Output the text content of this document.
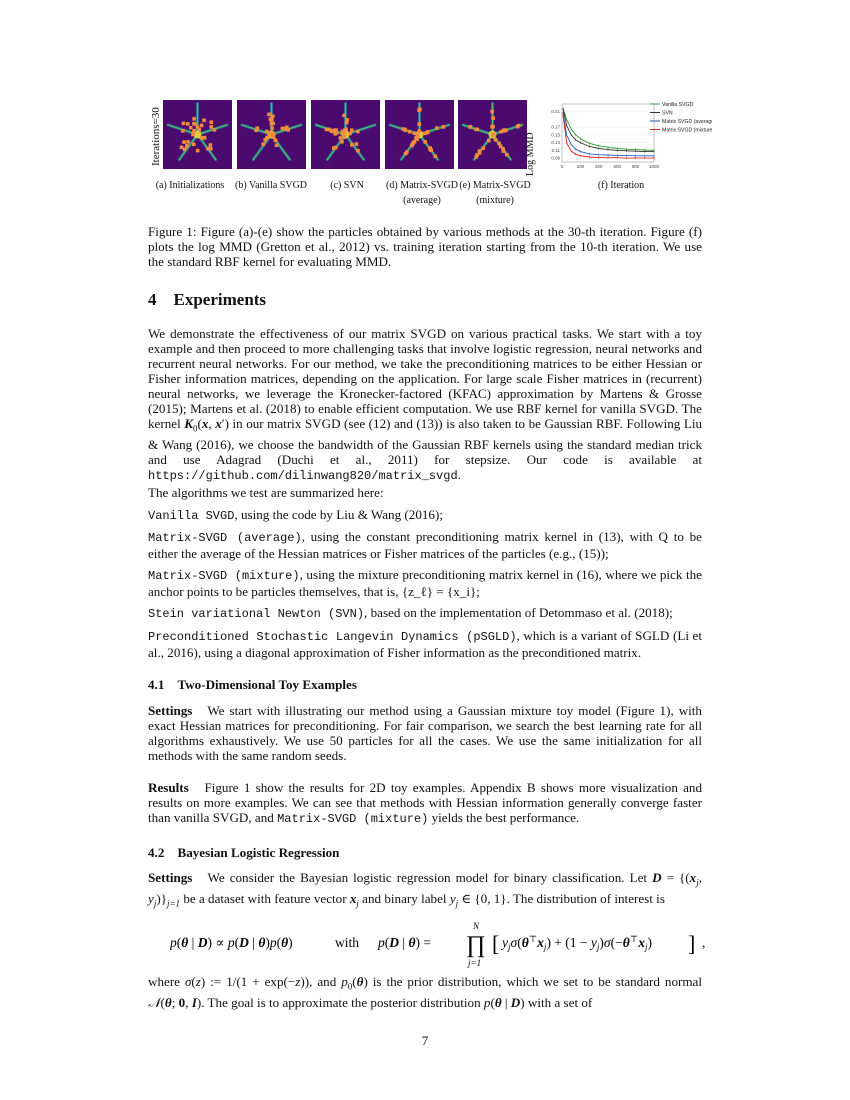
Iterations=30
(a) Initializations	(b) Vanilla SVGD	(c) SVN	(d) Matrix-SVGD
(average)
(e) Matrix-SVGD
(mixture)
Log MMD	0.09
0.11
0.13
0.15
0.17
0.21
0	200 400 600 800 1000
Vanilla SVGD
SVN
Matrix SVGD (average)
Matrix SVGD (mixture)
(f) Iteration
Figure 1: Figure (a)-(e) show the particles obtained by various methods at the 30-th iteration. Figure (f) plots the log MMD (Gretton et al., 2012) vs. training iteration starting from the 10-th iteration. We use the standard RBF kernel for evaluating MMD.
4 Experiments
We demonstrate the effectiveness of our matrix SVGD on various practical tasks. We start with a toy example and then proceed to more challenging tasks that involve logistic regression, neural networks and recurrent neural networks. For our method, we take the preconditioning matrices to be either Hessian or Fisher information matrices, depending on the application. For large scale Fisher matrices in (recurrent) neural networks, we leverage the Kronecker-factored (KFAC) approximation by Martens & Grosse (2015); Martens et al. (2018) to enable efficient computation. We use RBF kernel for vanilla SVGD. The kernel $K_0(x$, x′) in our matrix SVGD (see (12) and (13)) is also taken to be Gaussian RBF. Following Liu & Wang (2016), we choose the bandwidth of the Gaussian RBF kernels using the standard median trick and use Adagrad (Duchi et al., 2011) for stepsize. Our code is available at https://github.com/dilinwang820/matrix_svgd.
The algorithms we test are summarized here:
Vanilla SVGD, using the code by Liu & Wang (2016);
Matrix-SVGD (average), using the constant preconditioning matrix kernel in (13), with Q to be either the average of the Hessian matrices or Fisher matrices of the particles (e.g., (15));
Matrix-SVGD (mixture), using the mixture preconditioning matrix kernel in (16), where we pick the anchor points to be particles themselves, that is, {z_ℓ} = {x_i};
Stein variational Newton (SVN), based on the implementation of Detommaso et al. (2018);
Preconditioned Stochastic Langevin Dynamics (pSGLD), which is a variant of SGLD (Li et al., 2016), using a diagonal approximation of Fisher information as the preconditioned matrix.
4.1 Two-Dimensional Toy Examples
Settings We start with illustrating our method using a Gaussian mixture toy model (Figure 1), with exact Hessian matrices for preconditioning. For fair comparison, we search the best learning rate for all algorithms exhaustively. We use 50 particles for all the cases. We use the same initialization for all methods with the same random seeds.
Results Figure 1 show the results for 2D toy examples. Appendix B shows more visualization and results on more examples. We can see that methods with Hessian information generally converge faster than vanilla SVGD, and Matrix-SVGD (mixture) yields the best performance.
4.2 Bayesian Logistic Regression
Settings We consider the Bayesian logistic regression model for binary classification. Let $D = \{(x_j$, $y_j)\}_{j=1}$ be a dataset with feature vector $x_j$ and binary label $y_j$ ∈ {0, 1}. The distribution of interest is
p(θ | D) ∝ p(D | θ)p(θ)	with p(D | θ) =
N
∏
j=1
[ $y_j\sigma(\theta^⊤x_j) + (1 - y_j)\sigma(-\theta^⊤x_j)$ ] ,
where σ(z) := 1/(1 + exp(−z)), and $p_0(\theta)$ is the prior distribution, which we set to be standard normal 𝒩(θ; 0, I). The goal is to approximate the posterior distribution p(θ | D) with a set of
7
